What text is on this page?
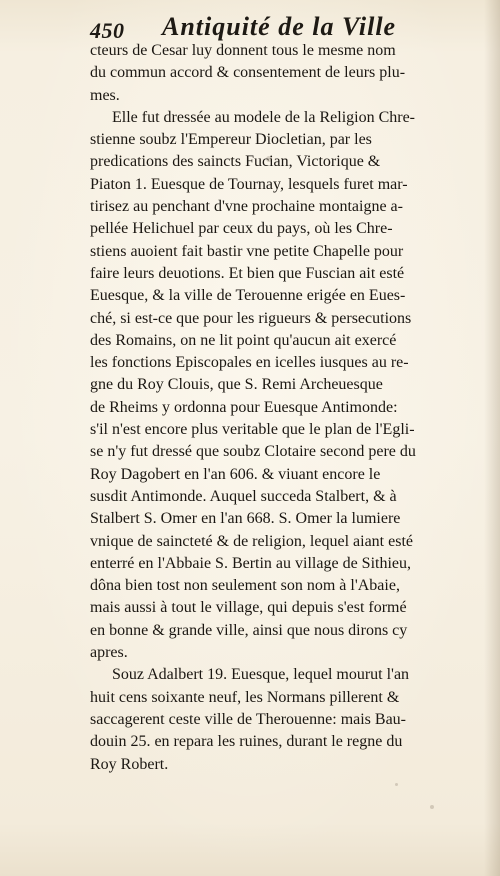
450 Antiquité de la Ville
cteurs de Cesar luy donnent tous le mesme nom
du commun accord & consentement de leurs plu-
mes.
Elle fut dressée au modele de la Religion Chre-
stienne soubz l'Empereur Diocletian, par les
predications des saincts Fucian, Victorique &
Piaton 1. Euesque de Tournay, lesquels furet mar-
tirisez au penchant d'vne prochaine montaigne a-
pellée Helichuel par ceux du pays, où les Chre-
stiens auoient fait bastir vne petite Chapelle pour
faire leurs deuotions. Et bien que Fuscian ait esté
Euesque, & la ville de Terouenne erigée en Eues-
ché, si est-ce que pour les rigueurs & persecutions
des Romains, on ne lit point qu'aucun ait exercé
les fonctions Episcopales en icelles iusques au re-
gne du Roy Clouis, que S. Remi Archeuesque
de Rheims y ordonna pour Euesque Antimonde:
s'il n'est encore plus veritable que le plan de l'Egli-
se n'y fut dressé que soubz Clotaire second pere du
Roy Dagobert en l'an 606. & viuant encore le
susdit Antimonde. Auquel succeda Stalbert, & à
Stalbert S. Omer en l'an 668. S. Omer la lumiere
vnique de saincteté & de religion, lequel aiant esté
enterré en l'Abbaie S. Bertin au village de Sithieu,
dôna bien tost non seulement son nom à l'Abaie,
mais aussi à tout le village, qui depuis s'est formé
en bonne & grande ville, ainsi que nous dirons cy
apres.
Souz Adalbert 19. Euesque, lequel mourut l'an
huit cens soixante neuf, les Normans pillerent &
saccagerent ceste ville de Therouenne: mais Bau-
douin 25. en repara les ruines, durant le regne du
Roy Robert.
